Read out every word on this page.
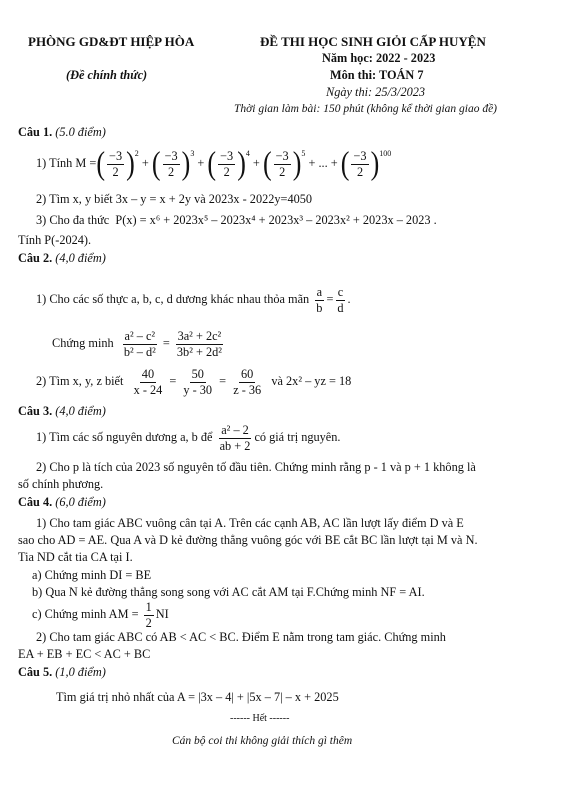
PHÒNG GD&ĐT HIỆP HÒA
(Đề chính thức)
ĐỀ THI HỌC SINH GIỎI CẤP HUYỆN
Năm học: 2022 - 2023
Môn thi: TOÁN 7
Ngày thi: 25/3/2023
Thời gian làm bài: 150 phút (không kể thời gian giao đề)
Câu 1. (5.0 điểm)
1) Tính
M = ( $\frac{-3}{2} )^2$
+ ( $\frac{-3}{2} )^3$
+ ( $\frac{-3}{2} )^4$
+ ( $\frac{-3}{2} )^5$

+ ... +
( $\frac{-3}{2} )^{100}$
2) Tìm x, y biết 3x – y = x + 2y và 2023x - 2022y=4050
3) Cho đa thức P(x) = x⁶ + 2023x⁵ – 2023x⁴ + 2023x³ – 2023x² + 2023x – 2023 .
Tính P(-2024).
Câu 2. (4,0 điểm)
1) Cho các số thực a, b, c, d dương khác nhau thỏa mãn
$\frac{a}{b} = \frac{c}{d}$ .
Chứng minh
$\frac{\text{a² – c²}}{\text{b² – d²}} = \frac{\text{3a² + 2c²}}{\text{3b² + 2d²}}$
2) Tìm x, y, z biết
$\frac{40}{x - 24} = \frac{50}{y - 30} = \frac{60}{z - 36}$
và 2x² – yz = 18
Câu 3. (4,0 điểm)
1) Tìm các số nguyên dương a, b để
$\frac{\text{a² – 2}}{ab + 2}$ có giá trị nguyên.
2) Cho p là tích của 2023 số nguyên tố đầu tiên. Chứng minh rằng p - 1 và p + 1 không là
số chính phương.
Câu 4. (6,0 điểm)
1) Cho tam giác ABC vuông cân tại A. Trên các cạnh AB, AC lần lượt lấy điểm D và E
sao cho AD = AE. Qua A và D kẻ đường thẳng vuông góc với BE cắt BC lần lượt tại M và N.
Tia ND cắt tia CA tại I.
a) Chứng minh DI = BE
b) Qua N kẻ đường thẳng song song với AC cắt AM tại F.Chứng minh NF = AI.
c) Chứng minh AM =
$\frac{1}{2}$ NI
2) Cho tam giác ABC có AB < AC < BC. Điểm E nằm trong tam giác. Chứng minh
EA + EB + EC < AC + BC
Câu 5. (1,0 điểm)
Tìm giá trị nhỏ nhất của A = |3x – 4| + |5x – 7| – x + 2025
------ Hết ------
Cán bộ coi thi không giải thích gì thêm
